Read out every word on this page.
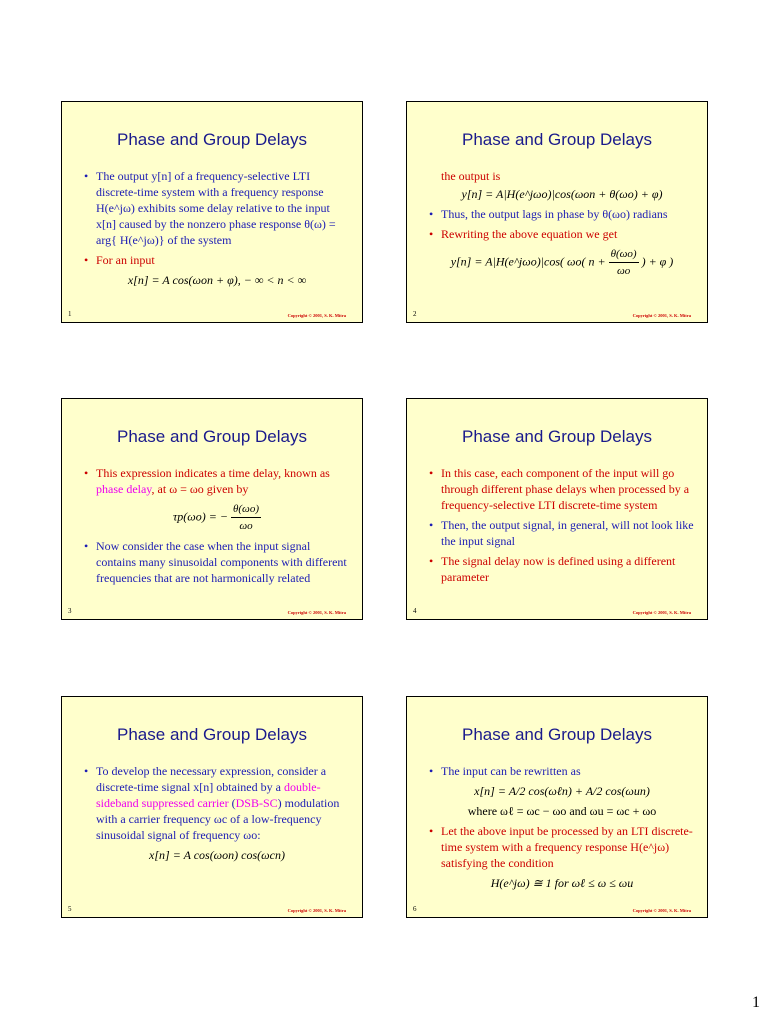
Phase and Group Delays
• The output y[n] of a frequency-selective LTI discrete-time system with a frequency response H(e^jω) exhibits some delay relative to the input x[n] caused by the nonzero phase response θ(ω) = arg{ H(e^jω)} of the system
• For an input
x[n] = A cos(ωon + φ), − ∞ < n < ∞
1	Copyright © 2001, S. K. Mitra
Phase and Group Delays
the output is
y[n] = A|H(e^jωo)|cos(ωon + θ(ωo) + φ)
• Thus, the output lags in phase by θ(ωo) radians
• Rewriting the above equation we get
y[n] = A|H(e^jωo)|cos( ωo( $n + \frac{\theta(\omega o)}{\omega o}$ ) + φ )
2	Copyright © 2001, S. K. Mitra
Phase and Group Delays
• This expression indicates a time delay, known as phase delay, at ω = ωo given by
τp(ωo) = − $\frac{\theta(\omega o)}{\omega o}$
• Now consider the case when the input signal contains many sinusoidal components with different frequencies that are not harmonically related
3	Copyright © 2001, S. K. Mitra
Phase and Group Delays
• In this case, each component of the input will go through different phase delays when processed by a frequency-selective LTI discrete-time system
• Then, the output signal, in general, will not look like the input signal
• The signal delay now is defined using a different parameter
4	Copyright © 2001, S. K. Mitra
Phase and Group Delays
• To develop the necessary expression, consider a discrete-time signal x[n] obtained by a double-sideband suppressed carrier (DSB-SC) modulation with a carrier frequency ωc of a low-frequency sinusoidal signal of frequency ωo:
x[n] = A cos(ωon) cos(ωcn)
5	Copyright © 2001, S. K. Mitra
Phase and Group Delays
• The input can be rewritten as
x[n] = A/2 cos(ωℓn) + A/2 cos(ωun)
where ωℓ = ωc − ωo and ωu = ωc + ωo
• Let the above input be processed by an LTI discrete-time system with a frequency response H(e^jω) satisfying the condition
H(e^jω) ≅ 1 for ωℓ ≤ ω ≤ ωu
6	Copyright © 2001, S. K. Mitra
1
